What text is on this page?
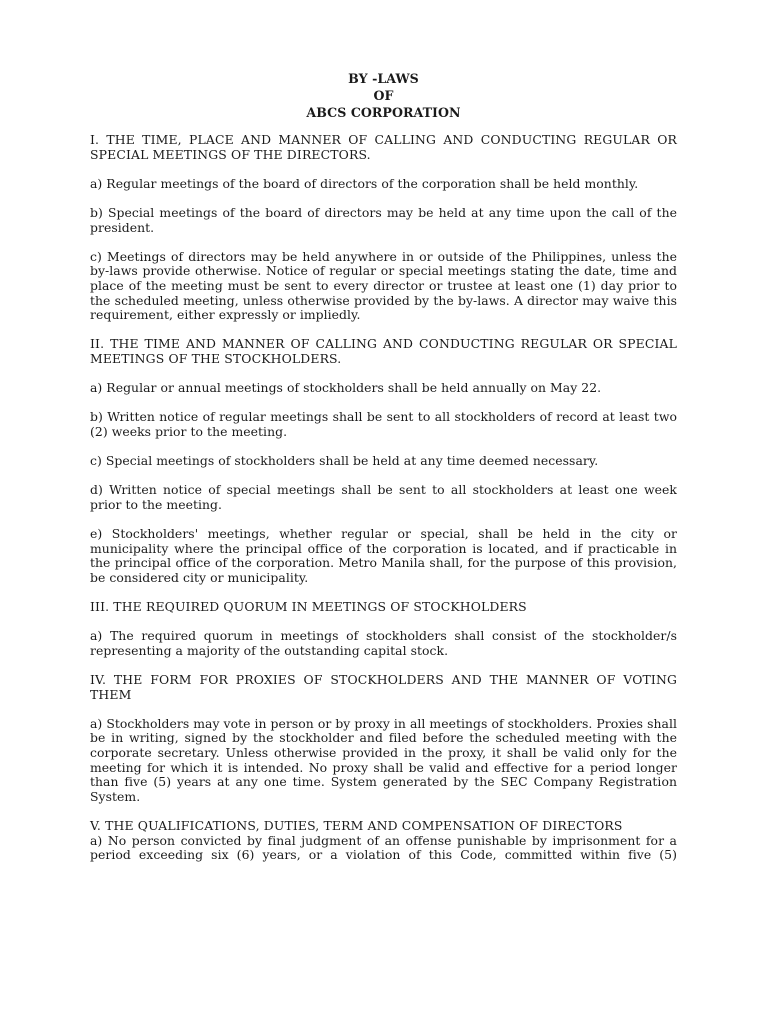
BY -LAWS
OF
ABCS CORPORATION

I. THE TIME, PLACE AND MANNER OF CALLING AND CONDUCTING REGULAR OR SPECIAL MEETINGS OF THE DIRECTORS.

a) Regular meetings of the board of directors of the corporation shall be held monthly.

b) Special meetings of the board of directors may be held at any time upon the call of the president.

c) Meetings of directors may be held anywhere in or outside of the Philippines, unless the by-laws provide otherwise. Notice of regular or special meetings stating the date, time and place of the meeting must be sent to every director or trustee at least one (1) day prior to the scheduled meeting, unless otherwise provided by the by-laws. A director may waive this requirement, either expressly or impliedly.

II. THE TIME AND MANNER OF CALLING AND CONDUCTING REGULAR OR SPECIAL MEETINGS OF THE STOCKHOLDERS.

a) Regular or annual meetings of stockholders shall be held annually on May 22.

b) Written notice of regular meetings shall be sent to all stockholders of record at least two (2) weeks prior to the meeting.

c) Special meetings of stockholders shall be held at any time deemed necessary.

d) Written notice of special meetings shall be sent to all stockholders at least one week prior to the meeting.

e) Stockholders' meetings, whether regular or special, shall be held in the city or municipality where the principal office of the corporation is located, and if practicable in the principal office of the corporation. Metro Manila shall, for the purpose of this provision, be considered city or municipality.

III. THE REQUIRED QUORUM IN MEETINGS OF STOCKHOLDERS

a) The required quorum in meetings of stockholders shall consist of the stockholder/s representing a majority of the outstanding capital stock.

IV. THE FORM FOR PROXIES OF STOCKHOLDERS AND THE MANNER OF VOTING THEM

a) Stockholders may vote in person or by proxy in all meetings of stockholders. Proxies shall be in writing, signed by the stockholder and filed before the scheduled meeting with the corporate secretary. Unless otherwise provided in the proxy, it shall be valid only for the meeting for which it is intended. No proxy shall be valid and effective for a period longer than five (5) years at any one time. System generated by the SEC Company Registration System.

V. THE QUALIFICATIONS, DUTIES, TERM AND COMPENSATION OF DIRECTORS

a) No person convicted by final judgment of an offense punishable by imprisonment for a period exceeding six (6) years, or a violation of this Code, committed within five (5)
